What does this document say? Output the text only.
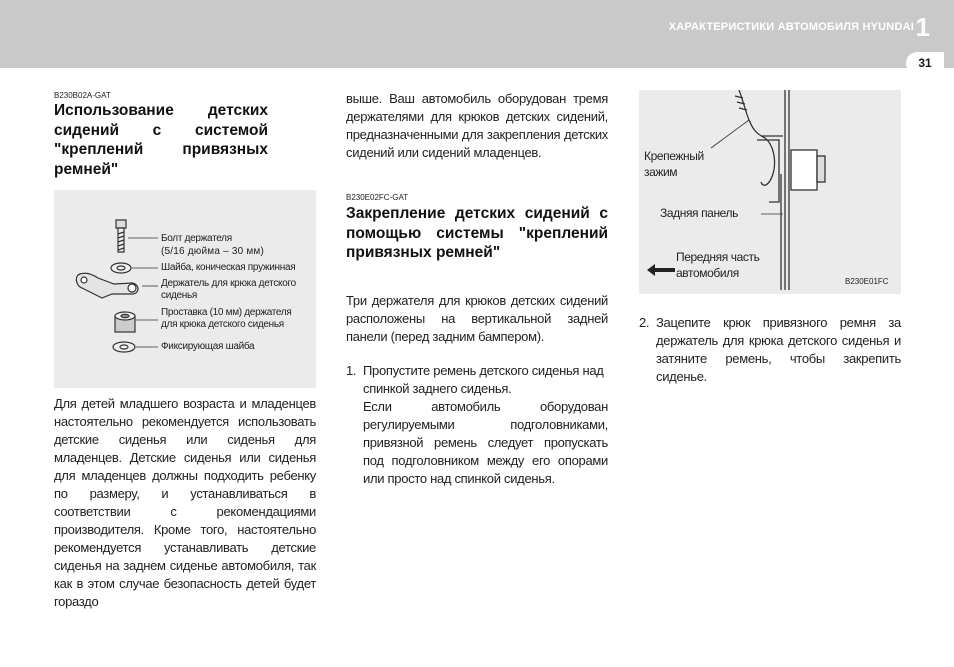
ХАРАКТЕРИСТИКИ АВТОМОБИЛЯ HYUNDAI 1
31
B230B02A-GAT
Использование детских сидений с системой "креплений привязных ремней"
Болт держателя
(5/16 дюйма – 30 мм)
Шайба, коническая пружинная
Держатель для крюка детского сиденья
Проставка (10 мм) держателя для крюка детского сиденья
Фиксирующая шайба

Для детей младшего возраста и младенцев настоятельно рекомендуется использовать детские сиденья или сиденья для младенцев. Детские сиденья или сиденья для младенцев должны подходить ребенку по размеру, и устанавливаться в соответствии с рекомендациями производителя. Кроме того, настоятельно рекомендуется устанавливать детские сиденья на заднем сиденье автомобиля, так как в этом случае безопасность детей будет гораздо

выше. Ваш автомобиль оборудован тремя держателями для крюков детских сидений, предназначенными для закрепления детских сидений или сидений младенцев.

B230E02FC-GAT
Закрепление детских сидений с помощью системы "креплений привязных ремней"

Три держателя для крюков детских сидений расположены на вертикальной задней панели (перед задним бампером).

1. Пропустите ремень детского сиденья над спинкой заднего сиденья.
Если автомобиль оборудован регулируемыми подголовниками, привязной ремень следует пропускать под подголовником между его опорами или просто над спинкой сиденья.
Крепежный зажим
Задняя панель
Передняя часть автомобиля
B230E01FC
2. Зацепите крюк привязного ремня за держатель для крюка детского сиденья и затяните ремень, чтобы закрепить сиденье.
